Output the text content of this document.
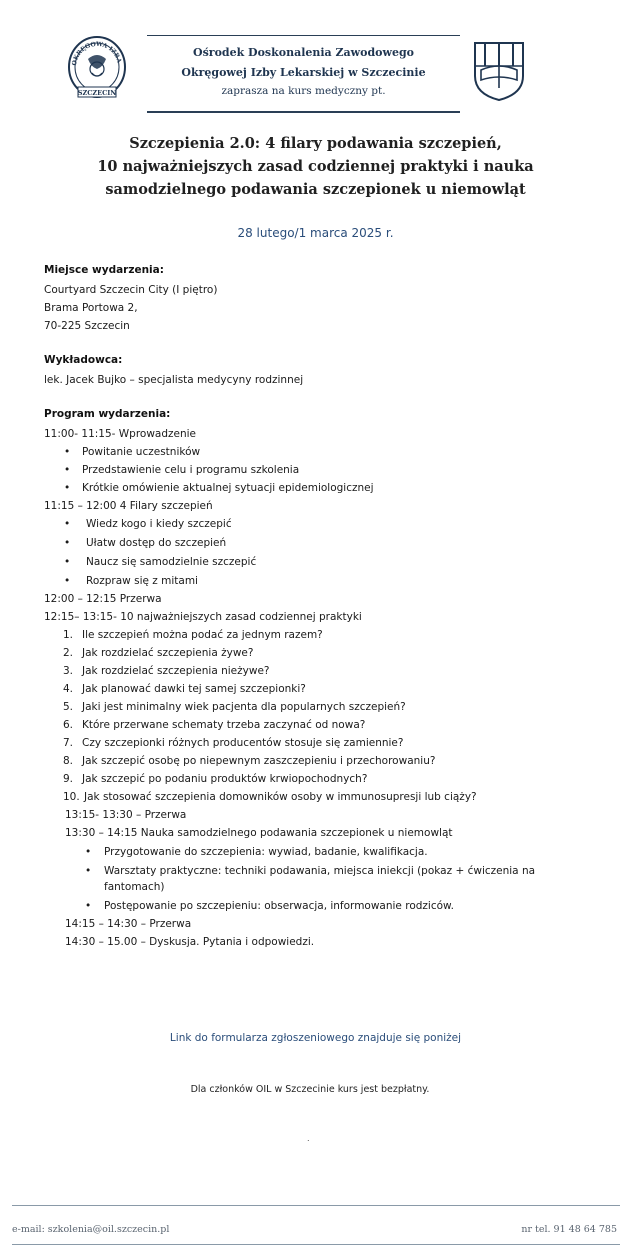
OKRĘGOWA IZBA
SZCZECIN
Ośrodek Doskonalenia Zawodowego
Okręgowej Izby Lekarskiej w Szczecinie
zaprasza na kurs medyczny pt.
Szczepienia 2.0: 4 filary podawania szczepień,
10 najważniejszych zasad codziennej praktyki i nauka
samodzielnego podawania szczepionek u niemowląt
28 lutego/1 marca 2025 r.
Miejsce wydarzenia:
Courtyard Szczecin City (I piętro)
Brama Portowa 2,
70-225 Szczecin
Wykładowca:
lek. Jacek Bujko – specjalista medycyny rodzinnej
Program wydarzenia:
11:00- 11:15- Wprowadzenie
• Powitanie uczestników
• Przedstawienie celu i programu szkolenia
• Krótkie omówienie aktualnej sytuacji epidemiologicznej
11:15 – 12:00 4 Filary szczepień
• Wiedz kogo i kiedy szczepić
• Ułatw dostęp do szczepień
• Naucz się samodzielnie szczepić
• Rozpraw się z mitami
12:00 – 12:15 Przerwa
12:15– 13:15- 10 najważniejszych zasad codziennej praktyki
1. Ile szczepień można podać za jednym razem?
2. Jak rozdzielać szczepienia żywe?
3. Jak rozdzielać szczepienia nieżywe?
4. Jak planować dawki tej samej szczepionki?
5. Jaki jest minimalny wiek pacjenta dla popularnych szczepień?
6. Które przerwane schematy trzeba zaczynać od nowa?
7. Czy szczepionki różnych producentów stosuje się zamiennie?
8. Jak szczepić osobę po niepewnym zaszczepieniu i przechorowaniu?
9. Jak szczepić po podaniu produktów krwiopochodnych?
10. Jak stosować szczepienia domowników osoby w immunosupresji lub ciąży?
13:15- 13:30 – Przerwa
13:30 – 14:15 Nauka samodzielnego podawania szczepionek u niemowląt
• Przygotowanie do szczepienia: wywiad, badanie, kwalifikacja.
• Warsztaty praktyczne: techniki podawania, miejsca iniekcji (pokaz + ćwiczenia na
fantomach)
• Postępowanie po szczepieniu: obserwacja, informowanie rodziców.
14:15 – 14:30 – Przerwa
14:30 – 15.00 – Dyskusja. Pytania i odpowiedzi.
Link do formularza zgłoszeniowego znajduje się poniżej
Dla członków OIL w Szczecinie kurs jest bezpłatny.
.
e-mail: szkolenia@oil.szczecin.pl	nr tel. 91 48 64 785
